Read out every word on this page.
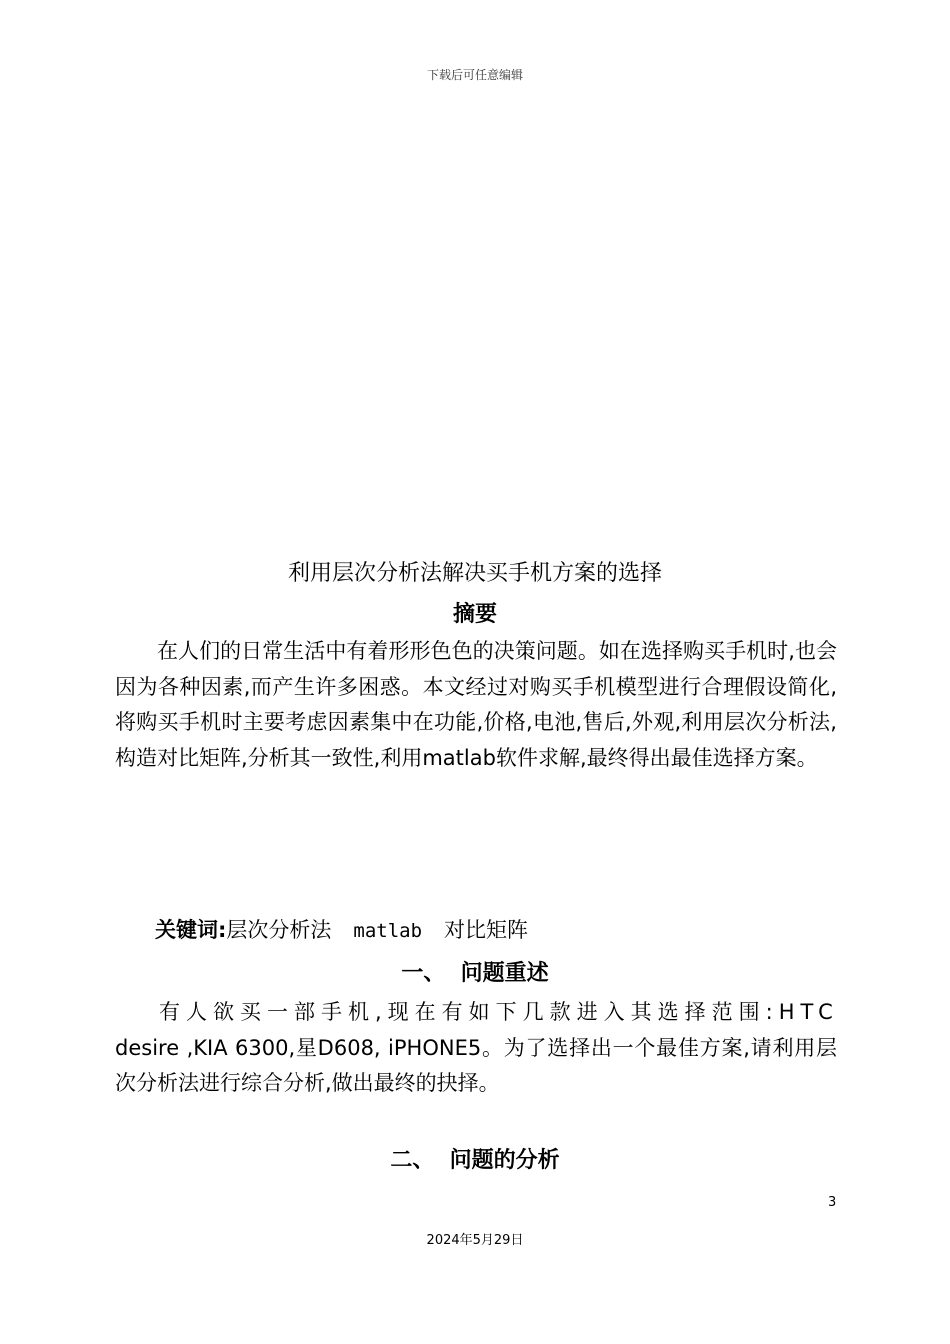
下载后可任意编辑
利用层次分析法解决买手机方案的选择
摘要

在人们的日常生活中有着形形色色的决策问题。如在选择购买手机时,也会因为各种因素,而产生许多困惑。本文经过对购买手机模型进行合理假设简化,将购买手机时主要考虑因素集中在功能,价格,电池,售后,外观,利用层次分析法,构造对比矩阵,分析其一致性,利用matlab软件求解,最终得出最佳选择方案。

关键词:层次分析法 matlab 对比矩阵

一、  问题重述

有人欲买一部手机,现在有如下几款进入其选择范围:HTC
desire ,KIA 6300,星D608, iPHONE5。为了选择出一个最佳方案,请利用层次分析法进行综合分析,做出最终的抉择。

二、  问题的分析
3
2024年5月29日
